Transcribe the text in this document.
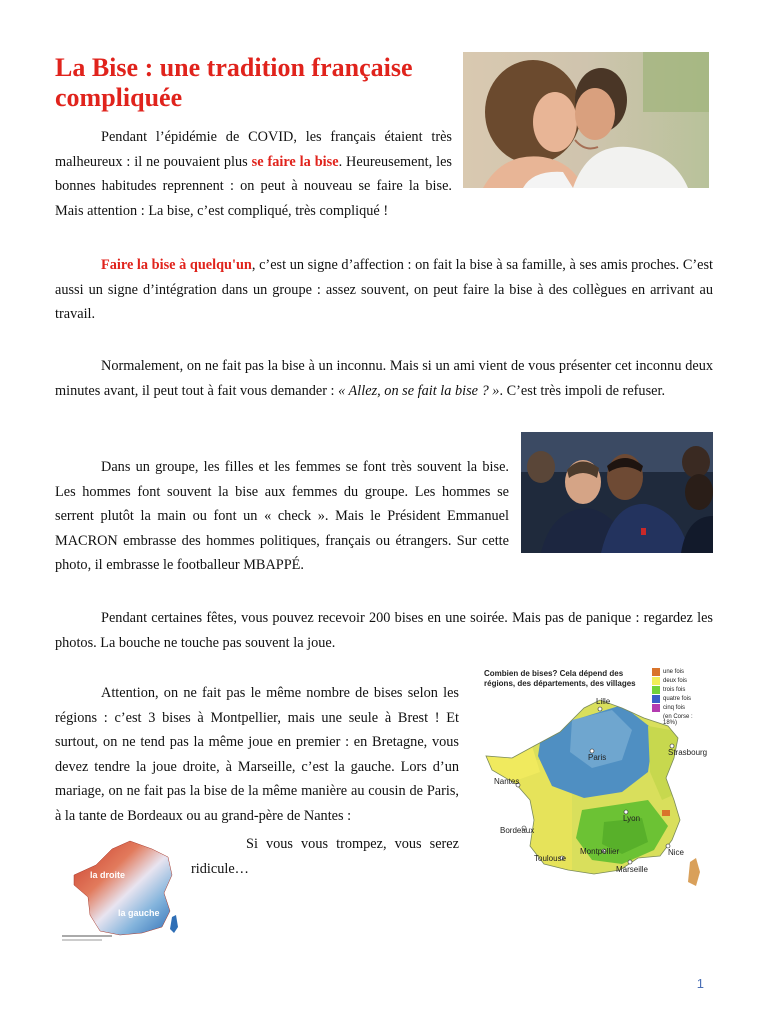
La Bise : une tradition française compliquée

Pendant l’épidémie de COVID, les français étaient très malheureux : il ne pouvaient plus se faire la bise. Heureusement, les bonnes habitudes reprennent : on peut à nouveau se faire la bise. Mais attention : La bise, c’est compliqué, très compliqué !

Faire la bise à quelqu'un, c’est un signe d’affection : on fait la bise à sa famille, à ses amis proches. C’est aussi un signe d’intégration dans un groupe : assez souvent, on peut faire la bise à des collègues en arrivant au travail.

Normalement, on ne fait pas la bise à un inconnu. Mais si un ami vient de vous présenter cet inconnu deux minutes avant, il peut tout à fait vous demander : « Allez, on se fait la bise ? ». C’est très impoli de refuser.

Dans un groupe, les filles et les femmes se font très souvent la bise. Les hommes font souvent la bise aux femmes du groupe. Les hommes se serrent plutôt la main ou font un « check ». Mais le Président Emmanuel MACRON embrasse des hommes politiques, français ou étrangers. Sur cette photo, il embrasse le footballeur MBAPPÉ.

Pendant certaines fêtes, vous pouvez recevoir 200 bises en une soirée. Mais pas de panique : regardez les photos. La bouche ne touche pas souvent la joue.

Combien de bises? Cela dépend des
régions, des départements, des villages
une fois
deux fois
trois fois
quatre fois
cinq fois
(en Corse : 18%)
Lille
Paris
Strasbourg
Nantes
Lyon
Bordeaux
Montpellier	Nice
Toulouse
Marseille

Attention, on ne fait pas le même nombre de bises selon les régions : c’est 3 bises à Montpellier, mais une seule à Brest ! Et surtout, on ne tend pas la même joue en premier : en Bretagne, vous devez tendre la joue droite, à Marseille, c’est la gauche. Lors d’un mariage, on ne fait pas la bise de la même manière au cousin de Paris, à la tante de Bordeaux ou au grand-père de Nantes :

la droite
la gauche

Si vous vous trompez, vous serez ridicule…

1
